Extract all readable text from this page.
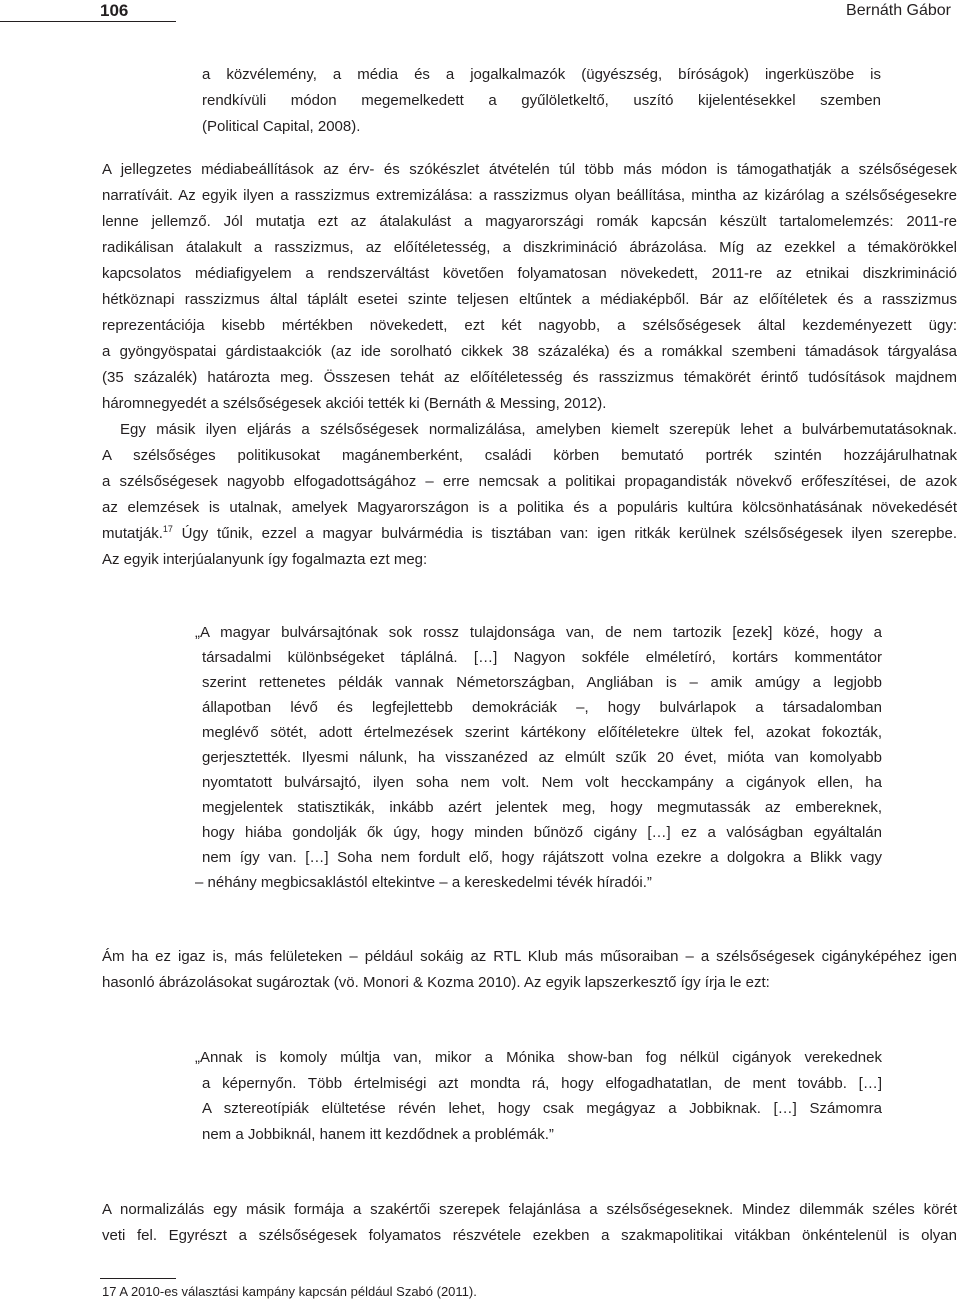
106	Bernáth Gábor
a közvélemény, a média és a jogalkalmazók (ügyészség, bíróságok) ingerküszöbe is
rendkívüli módon megemelkedett a gyűlöletkeltő, uszító kijelentésekkel szemben
(Political Capital, 2008).
A jellegzetes médiabeállítások az érv- és szókészlet átvételén túl több más módon is támogathatják a szélsőségesek
narratíváit. Az egyik ilyen a rasszizmus extremizálása: a rasszizmus olyan beállítása, mintha az kizárólag a szélsőségesekre
lenne jellemző. Jól mutatja ezt az átalakulást a magyarországi romák kapcsán készült tartalomelemzés: 2011-re
radikálisan átalakult a rasszizmus, az előítéletesség, a diszkrimináció ábrázolása. Míg az ezekkel a témakörökkel
kapcsolatos médiafigyelem a rendszerváltást követően folyamatosan növekedett, 2011-re az etnikai diszkrimináció
hétköznapi rasszizmus által táplált esetei szinte teljesen eltűntek a médiaképből. Bár az előítéletek és a rasszizmus
reprezentációja kisebb mértékben növekedett, ezt két nagyobb, a szélsőségesek által kezdeményezett ügy:
a gyöngyöspatai gárdistaakciók (az ide sorolható cikkek 38 százaléka) és a romákkal szembeni támadások tárgyalása
(35 százalék) határozta meg. Összesen tehát az előítéletesség és rasszizmus témakörét érintő tudósítások majdnem
háromnegyedét a szélsőségesek akciói tették ki (Bernáth & Messing, 2012).
Egy másik ilyen eljárás a szélsőségesek normalizálása, amelyben kiemelt szerepük lehet a bulvárbemutatásoknak.
A szélsőséges politikusokat magánemberként, családi körben bemutató portrék szintén hozzájárulhatnak
a szélsőségesek nagyobb elfogadottságához – erre nemcsak a politikai propagandisták növekvő erőfeszítései, de azok
az elemzések is utalnak, amelyek Magyarországon is a politika és a populáris kultúra kölcsönhatásának növekedését
mutatják.$^{17}$ Úgy tűnik, ezzel a magyar bulvármédia is tisztában van: igen ritkák kerülnek szélsőségesek ilyen szerepbe.
Az egyik interjúalanyunk így fogalmazta ezt meg:
„A magyar bulvársajtónak sok rossz tulajdonsága van, de nem tartozik [ezek] közé, hogy a
társadalmi különbségeket táplálná. […] Nagyon sokféle elméletíró, kortárs kommentátor
szerint rettenetes példák vannak Németországban, Angliában is – amik amúgy a legjobb
állapotban lévő és legfejlettebb demokráciák –, hogy bulvárlapok a társadalomban
meglévő sötét, adott értelmezések szerint kártékony előítéletekre ültek fel, azokat fokozták,
gerjesztették. Ilyesmi nálunk, ha visszanézed az elmúlt szűk 20 évet, mióta van komolyabb
nyomtatott bulvársajtó, ilyen soha nem volt. Nem volt hecckampány a cigányok ellen, ha
megjelentek statisztikák, inkább azért jelentek meg, hogy megmutassák az embereknek,
hogy hiába gondolják ők úgy, hogy minden bűnöző cigány […] ez a valóságban egyáltalán
nem így van. […] Soha nem fordult elő, hogy rájátszott volna ezekre a dolgokra a Blikk vagy
– néhány megbicsaklástól eltekintve – a kereskedelmi tévék híradói.”
Ám ha ez igaz is, más felületeken – például sokáig az RTL Klub más műsoraiban – a szélsőségesek cigányképéhez igen
hasonló ábrázolásokat sugároztak (vö. Monori & Kozma 2010). Az egyik lapszerkesztő így írja le ezt:
„Annak is komoly múltja van, mikor a Mónika show-ban fog nélkül cigányok verekednek
a képernyőn. Több értelmiségi azt mondta rá, hogy elfogadhatatlan, de ment tovább. […]
A sztereotípiák elültetése révén lehet, hogy csak megágyaz a Jobbiknak. […] Számomra
nem a Jobbiknál, hanem itt kezdődnek a problémák.”
A normalizálás egy másik formája a szakértői szerepek felajánlása a szélsőségeseknek. Mindez dilemmák széles körét
veti fel. Egyrészt a szélsőségesek folyamatos részvétele ezekben a szakmapolitikai vitákban önkéntelenül is olyan
17 A 2010-es választási kampány kapcsán például Szabó (2011).
